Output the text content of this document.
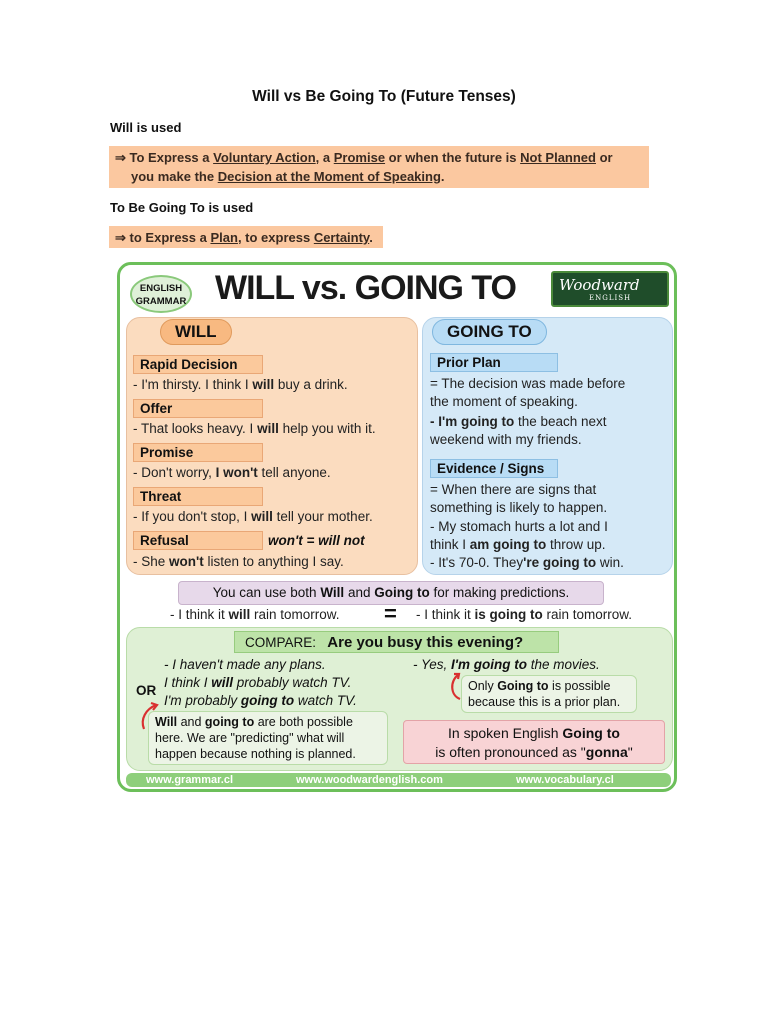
Will vs Be Going To (Future Tenses)
Will is used
⇒ To Express a Voluntary Action, a Promise or when the future is Not Planned or
you make the Decision at the Moment of Speaking.
To Be Going To is used
⇒ to Express a Plan, to express Certainty.
ENGLISH
GRAMMAR WILL vs. GOING TO	Woodward
ENGLISH
WILL
Rapid Decision
- I'm thirsty. I think I will buy a drink.
Offer
- That looks heavy. I will help you with it.
Promise
- Don't worry, I won't tell anyone.
Threat
- If you don't stop, I will tell your mother.
Refusal	won't = will not
- She won't listen to anything I say.
GOING TO
Prior Plan
= The decision was made before
the moment of speaking.
- I'm going to the beach next
weekend with my friends.
Evidence / Signs
= When there are signs that
something is likely to happen.
- My stomach hurts a lot and I
think I am going to throw up.
- It's 70-0. They're going to win.
You can use both Will and Going to for making predictions.
- I think it will rain tomorrow. = - I think it is going to rain tomorrow.
COMPARE: Are you busy this evening?
- I haven't made any plans.
OR
I think I will probably watch TV.
I'm probably going to watch TV.
- Yes, I'm going to the movies.
Only Going to is possible
because this is a prior plan.
Will and going to are both possible
here. We are "predicting" what will
happen because nothing is planned.
In spoken English Going to
is often pronounced as "gonna"
www.grammar.cl	www.woodwardenglish.com	www.vocabulary.cl
